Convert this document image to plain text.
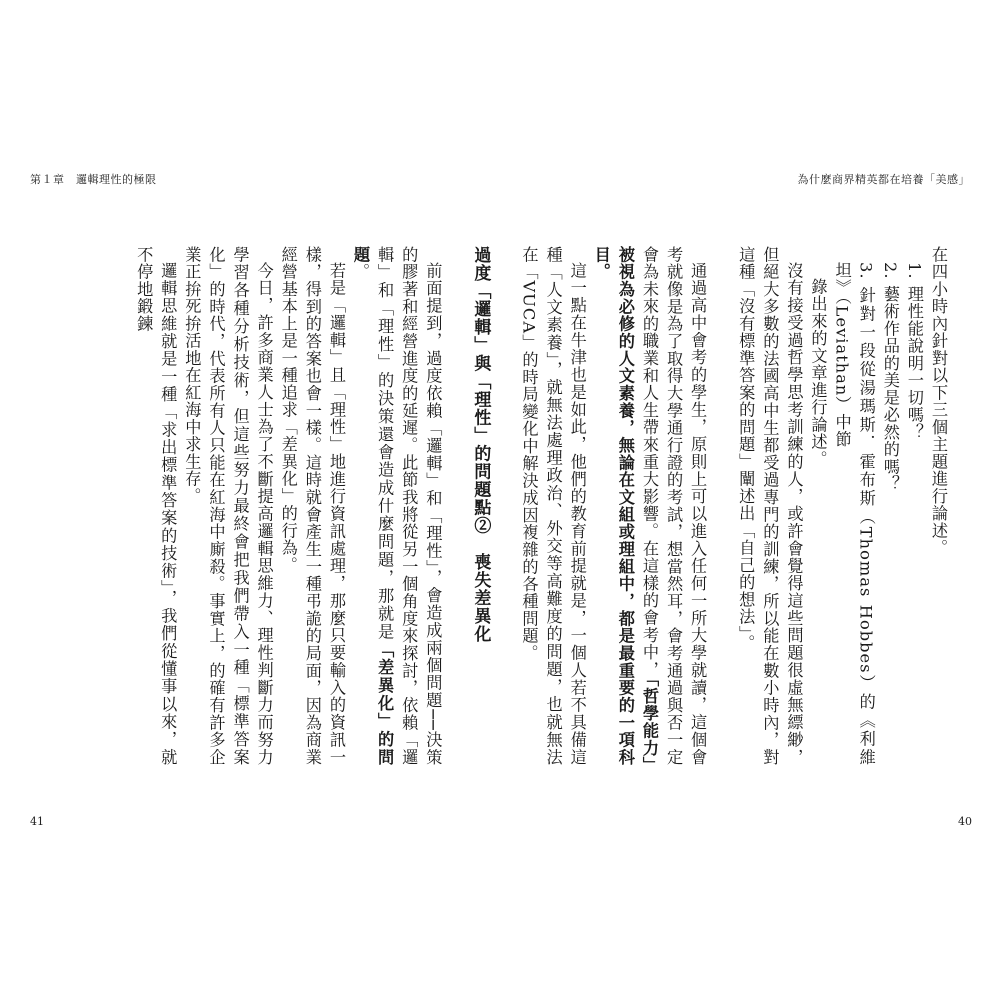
第１章　邏輯理性的極限	為什麼商界精英都在培養「美感」

在四小時內針對以下三個主題進行論述。

1. 理性能說明一切嗎？

2. 藝術作品的美是必然的嗎？

3. 針對一段從湯瑪斯．霍布斯（Thomas Hobbes）的《利維坦》（Leviathan）中節

錄出來的文章進行論述。

沒有接受過哲學思考訓練的人，或許會覺得這些問題很虛無縹緲，但絕大多數的法國高中生都受過專門的訓練，所以能在數小時內，對這種「沒有標準答案的問題」闡述出「自己的想法」。

通過高中會考的學生，原則上可以進入任何一所大學就讀，這個會考就像是為了取得大學通行證的考試，想當然耳，會考通過與否一定會為未來的職業和人生帶來重大影響。在這樣的會考中，「哲學能力」被視為必修的人文素養，無論在文組或理組中，都是最重要的一項科目。

這一點在牛津也是如此，他們的教育前提就是，一個人若不具備這種「人文素養」，就無法處理政治、外交等高難度的問題，也就無法在「VUCA」的時局變化中解決成因複雜的各種問題。

過度「邏輯」與「理性」的問題點②　喪失差異化

前面提到，過度依賴「邏輯」和「理性」，會造成兩個問題──決策的膠著和經營進度的延遲。此節我將從另一個角度來探討，依賴「邏輯」和「理性」的決策還會造成什麼問題，那就是「差異化」的問題。

若是「邏輯」且「理性」地進行資訊處理，那麼只要輸入的資訊一樣，得到的答案也會一樣。這時就會產生一種弔詭的局面，因為商業經營基本上是一種追求「差異化」的行為。

今日，許多商業人士為了不斷提高邏輯思維力、理性判斷力而努力學習各種分析技術，但這些努力最終會把我們帶入一種「標準答案化」的時代，代表所有人只能在紅海中廝殺。事實上，的確有許多企業正拚死拚活地在紅海中求生存。

邏輯思維就是一種「求出標準答案的技術」，我們從懂事以來，就不停地鍛鍊

41	40
